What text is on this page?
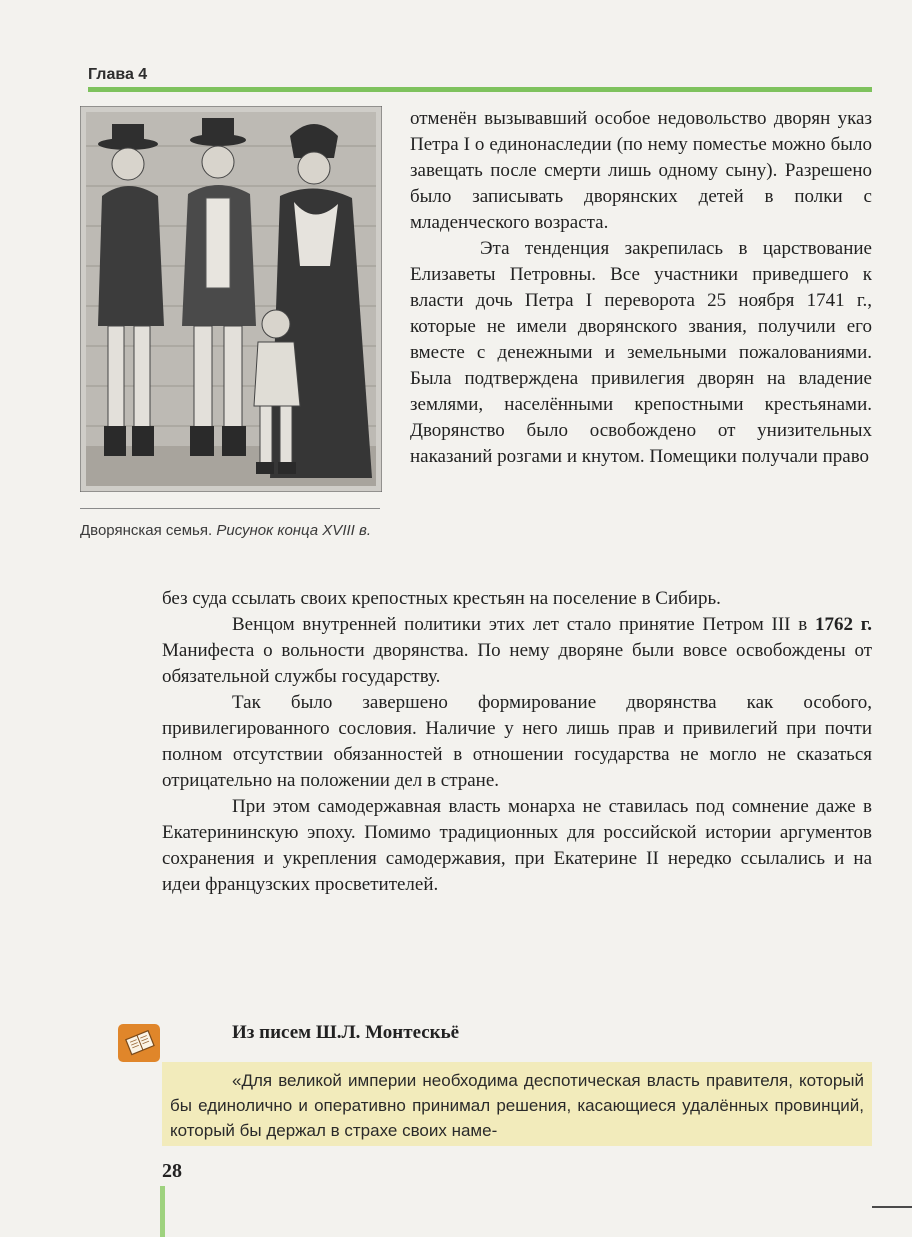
Глава 4
Дворянская семья. Рисунок конца XVIII в.

отменён вызывавший особое недовольство дворян указ Петра I о единонаследии (по нему поместье можно было завещать после смерти лишь одному сыну). Разрешено было записывать дворянских детей в полки с младенческого возраста.

Эта тенденция закрепилась в царствование Елизаветы Петровны. Все участники приведшего к власти дочь Петра I переворота 25 ноября 1741 г., которые не имели дворянского звания, получили его вместе с денежными и земельными пожалованиями. Была подтверждена привилегия дворян на владение землями, населёнными крепостными крестьянами. Дворянство было освобождено от унизительных наказаний розгами и кнутом. Помещики получали право

без суда ссылать своих крепостных крестьян на поселение в Сибирь.

Венцом внутренней политики этих лет стало принятие Петром III в 1762 г. Манифеста о вольности дворянства. По нему дворяне были вовсе освобождены от обязательной службы государству.

Так было завершено формирование дворянства как особого, привилегированного сословия. Наличие у него лишь прав и привилегий при почти полном отсутствии обязанностей в отношении государства не могло не сказаться отрицательно на положении дел в стране.

При этом самодержавная власть монарха не ставилась под сомнение даже в Екатерининскую эпоху. Помимо традиционных для российской истории аргументов сохранения и укрепления самодержавия, при Екатерине II нередко ссылались и на идеи французских просветителей.

Из писем Ш.Л. Монтескьё

«Для великой империи необходима деспотическая власть правителя, который бы единолично и оперативно принимал решения, касающиеся удалённых провинций, который бы держал в страхе своих наме-

28
